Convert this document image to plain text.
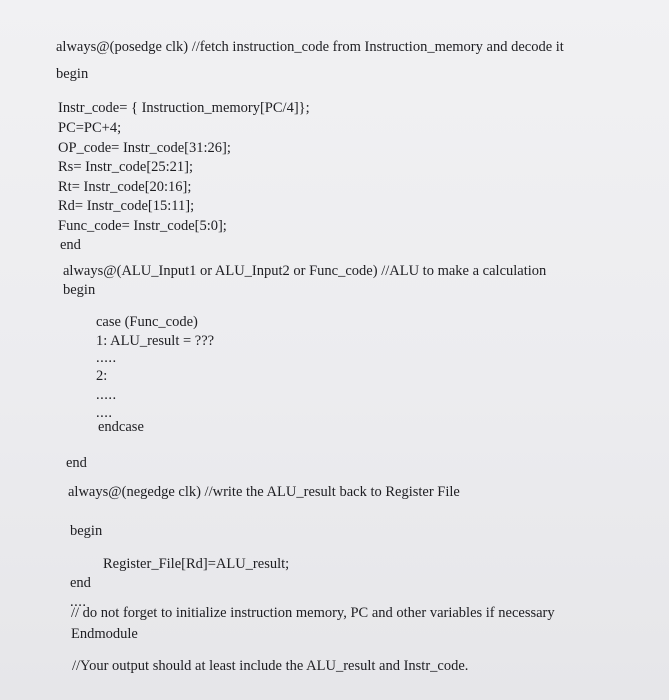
always@(posedge clk) //fetch instruction_code from Instruction_memory and decode it
begin
Instr_code= { Instruction_memory[PC/4]};
PC=PC+4;
OP_code= Instr_code[31:26];
Rs= Instr_code[25:21];
Rt= Instr_code[20:16];
Rd= Instr_code[15:11];
Func_code= Instr_code[5:0];
end
always@(ALU_Input1 or ALU_Input2 or Func_code) //ALU to make a calculation
begin
case (Func_code)
1: ALU_result = ???
.....
2:
.....
....
endcase
end
always@(negedge clk) //write the ALU_result back to Register File
begin
Register_File[Rd]=ALU_result;
end
....
// do not forget to initialize instruction memory, PC and other variables if necessary
Endmodule
//Your output should at least include the ALU_result and Instr_code.
